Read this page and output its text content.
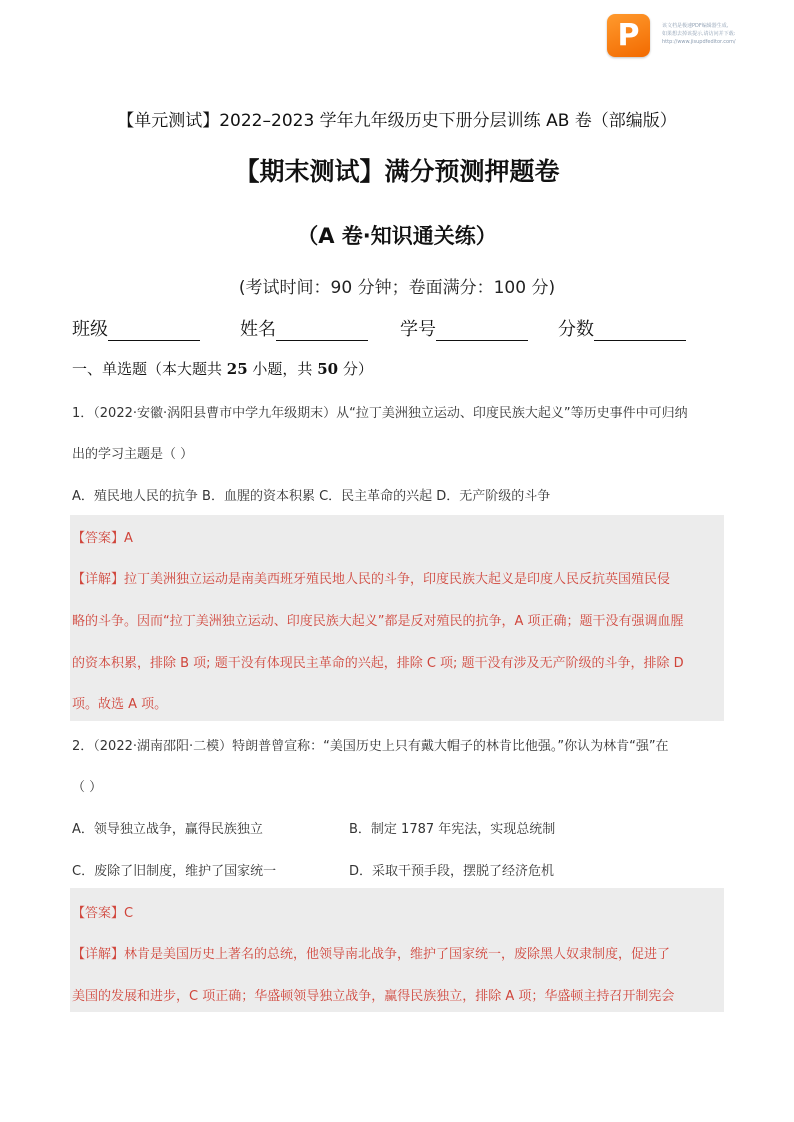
P	该文档是极速PDF编辑器生成,
如果想去掉该提示,请访问并下载:
http://www.jisupdfeditor.com/
【单元测试】2022–2023 学年九年级历史下册分层训练 AB 卷（部编版）
【期末测试】满分预测押题卷
（A 卷·知识通关练）
(考试时间：90 分钟；卷面满分：100 分)
班级	姓名	学号	分数
一、单选题（本大题共 25 小题，共 50 分）
1．（2022·安徽·涡阳县曹市中学九年级期末）从“拉丁美洲独立运动、印度民族大起义”等历史事件中可归纳
出的学习主题是（ ）
A．殖民地人民的抗争 B．血腥的资本积累 C．民主革命的兴起 D．无产阶级的斗争
【答案】A
【详解】拉丁美洲独立运动是南美西班牙殖民地人民的斗争，印度民族大起义是印度人民反抗英国殖民侵
略的斗争。因而“拉丁美洲独立运动、印度民族大起义”都是反对殖民的抗争，A 项正确；题干没有强调血腥
的资本积累，排除 B 项; 题干没有体现民主革命的兴起，排除 C 项; 题干没有涉及无产阶级的斗争，排除 D
项。故选 A 项。
2．（2022·湖南邵阳·二模）特朗普曾宣称：“美国历史上只有戴大帽子的林肯比他强。”你认为林肯“强”在
（ ）
A．领导独立战争，赢得民族独立	B．制定 1787 年宪法，实现总统制
C．废除了旧制度，维护了国家统一	D．采取干预手段，摆脱了经济危机
【答案】C
【详解】林肯是美国历史上著名的总统，他领导南北战争，维护了国家统一，废除黑人奴隶制度，促进了
美国的发展和进步，C 项正确；华盛顿领导独立战争，赢得民族独立，排除 A 项；华盛顿主持召开制宪会
